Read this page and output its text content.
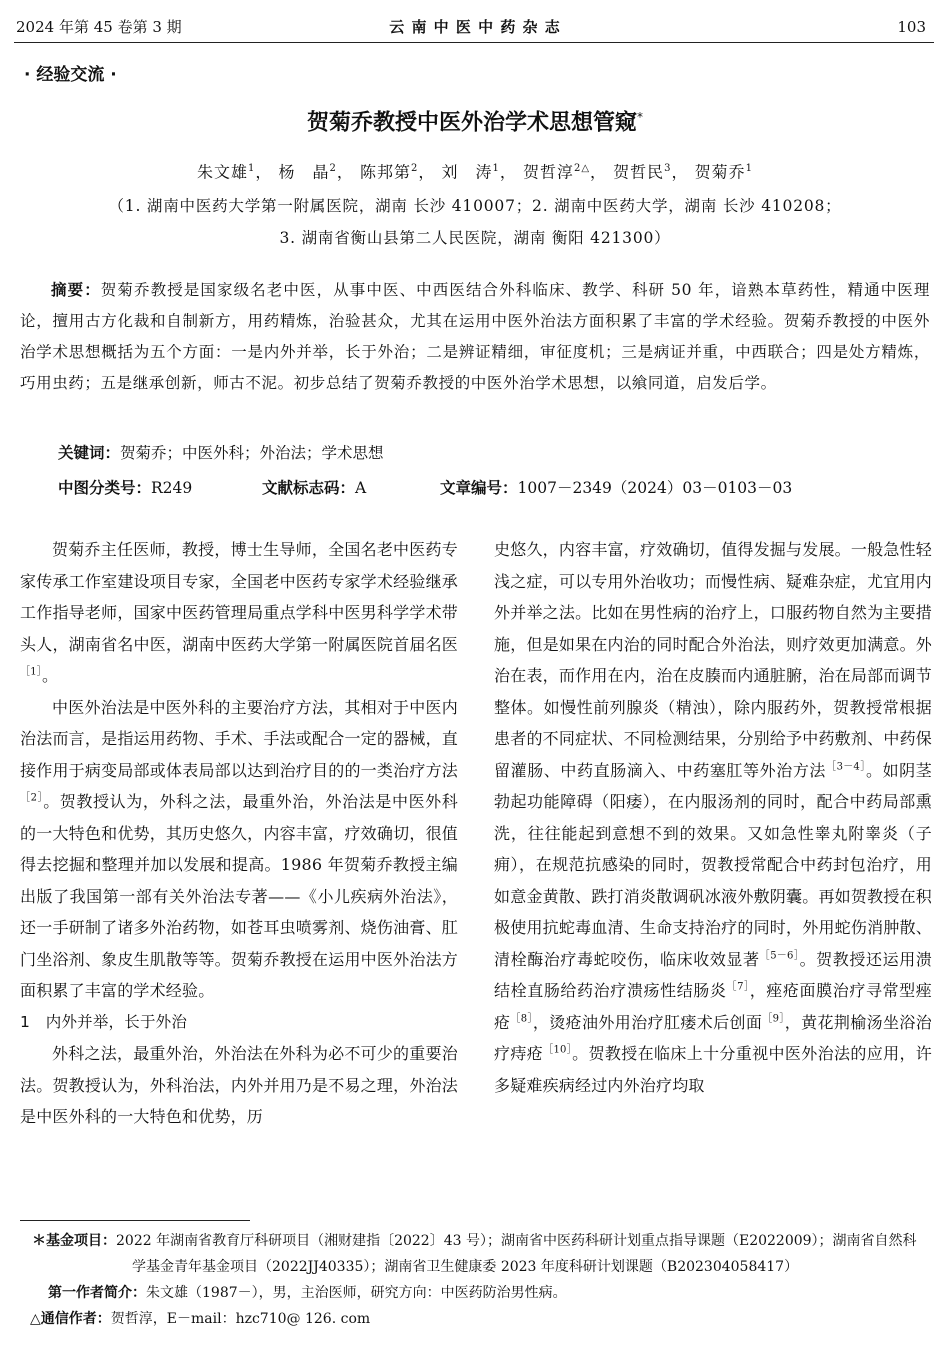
2024 年第 45 卷第 3 期	云 南 中 医 中 药 杂 志	103
· 经验交流 ·
贺菊乔教授中医外治学术思想管窥*
朱文雄$^1$， 杨　晶$^2$， 陈邦第$^2$， 刘　涛$^1$， 贺哲淳$^{2\triangle}$， 贺哲民$^3$， 贺菊乔$^1$
（1. 湖南中医药大学第一附属医院，湖南 长沙 410007；2. 湖南中医药大学，湖南 长沙 410208；
3. 湖南省衡山县第二人民医院，湖南 衡阳 421300）

摘要：贺菊乔教授是国家级名老中医，从事中医、中西医结合外科临床、教学、科研 50 年，谙熟本草药性，精通中医理论，擅用古方化裁和自制新方，用药精炼，治验甚众，尤其在运用中医外治法方面积累了丰富的学术经验。贺菊乔教授的中医外治学术思想概括为五个方面：一是内外并举，长于外治；二是辨证精细，审征度机；三是病证并重，中西联合；四是处方精炼，巧用虫药；五是继承创新，师古不泥。初步总结了贺菊乔教授的中医外治学术思想，以飨同道，启发后学。

关键词：贺菊乔；中医外科；外治法；学术思想
中图分类号：R249	文献标志码：A	文章编号：1007－2349（2024）03－0103－03

贺菊乔主任医师，教授，博士生导师，全国名老中医药专家传承工作室建设项目专家，全国老中医药专家学术经验继承工作指导老师，国家中医药管理局重点学科中医男科学学术带头人，湖南省名中医，湖南中医药大学第一附属医院首届名医$^{[1]}$。

中医外治法是中医外科的主要治疗方法，其相对于中医内治法而言，是指运用药物、手术、手法或配合一定的器械，直接作用于病变局部或体表局部以达到治疗目的的一类治疗方法$^{[2]}$。贺教授认为，外科之法，最重外治，外治法是中医外科的一大特色和优势，其历史悠久，内容丰富，疗效确切，很值得去挖掘和整理并加以发展和提高。1986 年贺菊乔教授主编出版了我国第一部有关外治法专著——《小儿疾病外治法》，还一手研制了诸多外治药物，如苍耳虫喷雾剂、烧伤油膏、肛门坐浴剂、象皮生肌散等等。贺菊乔教授在运用中医外治法方面积累了丰富的学术经验。

1　内外并举，长于外治

外科之法，最重外治，外治法在外科为必不可少的重要治法。贺教授认为，外科治法，内外并用乃是不易之理，外治法是中医外科的一大特色和优势，历

史悠久，内容丰富，疗效确切，值得发掘与发展。一般急性轻浅之症，可以专用外治收功；而慢性病、疑难杂症，尤宜用内外并举之法。比如在男性病的治疗上，口服药物自然为主要措施，但是如果在内治的同时配合外治法，则疗效更加满意。外治在表，而作用在内，治在皮腠而内通脏腑，治在局部而调节整体。如慢性前列腺炎（精浊），除内服药外，贺教授常根据患者的不同症状、不同检测结果，分别给予中药敷剂、中药保留灌肠、中药直肠滴入、中药塞肛等外治方法$^{[3-4]}$。如阴茎勃起功能障碍（阳痿），在内服汤剂的同时，配合中药局部熏洗，往往能起到意想不到的效果。又如急性睾丸附睾炎（子痈），在规范抗感染的同时，贺教授常配合中药封包治疗，用如意金黄散、跌打消炎散调矾冰液外敷阴囊。再如贺教授在积极使用抗蛇毒血清、生命支持治疗的同时，外用蛇伤消肿散、清栓酶治疗毒蛇咬伤，临床收效显著$^{[5-6]}$。贺教授还运用溃结栓直肠给药治疗溃疡性结肠炎$^{[7]}$，痤疮面膜治疗寻常型痤疮$^{[8]}$，烫疮油外用治疗肛瘘术后创面$^{[9]}$，黄花荆榆汤坐浴治疗痔疮$^{[10]}$。贺教授在临床上十分重视中医外治法的应用，许多疑难疾病经过内外治疗均取

＊基金项目：2022 年湖南省教育厅科研项目（湘财建指〔2022〕43 号）；湖南省中医药科研计划重点指导课题（E2022009）；湖南省自然科学基金青年基金项目（2022JJ40335）；湖南省卫生健康委 2023 年度科研计划课题（B202304058417）

第一作者简介：朱文雄（1987－），男，主治医师，研究方向：中医药防治男性病。

△通信作者：贺哲淳，E－mail：hzc710@ 126. com
